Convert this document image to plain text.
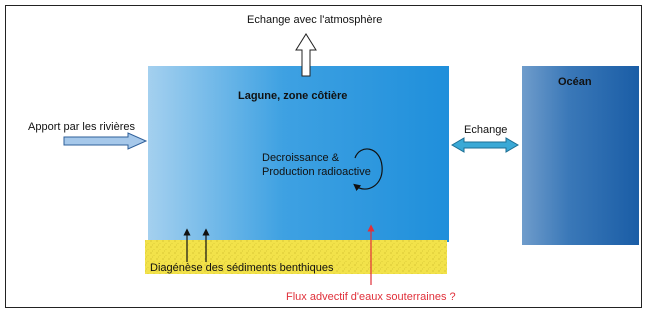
Echange avec l'atmosphère
Lagune, zone côtière
Océan
Apport par les rivières	Echange
Decroissance &
Production radioactive
Diagénèse des sédiments benthiques
Flux advectif d'eaux souterraines ?
